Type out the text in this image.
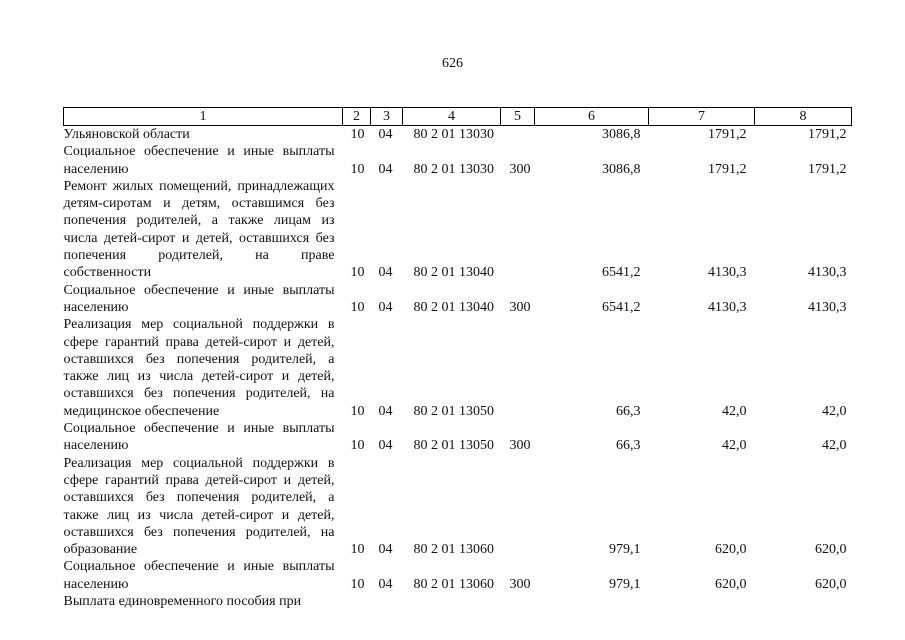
626
1	2	3	4	5	6	7	8
Ульяновской области	10	04	80 2 01 13030		3086,8	1791,2	1791,2
Социальное обеспечение и иные выплаты населению	10	04	80 2 01 13030	300	3086,8	1791,2	1791,2
Ремонт жилых помещений, принадлежащих детям-сиротам и детям, оставшимся без попечения родителей, а также лицам из числа детей-сирот и детей, оставшихся без попечения родителей, на праве собственности	10	04	80 2 01 13040		6541,2	4130,3	4130,3
Социальное обеспечение и иные выплаты населению	10	04	80 2 01 13040	300	6541,2	4130,3	4130,3
Реализация мер социальной поддержки в сфере гарантий права детей-сирот и детей, оставшихся без попечения родителей, а также лиц из числа детей-сирот и детей, оставшихся без попечения родителей, на медицинское обеспечение	10	04	80 2 01 13050		66,3	42,0	42,0
Социальное обеспечение и иные выплаты населению	10	04	80 2 01 13050	300	66,3	42,0	42,0
Реализация мер социальной поддержки в сфере гарантий права детей-сирот и детей, оставшихся без попечения родителей, а также лиц из числа детей-сирот и детей, оставшихся без попечения родителей, на образование	10	04	80 2 01 13060		979,1	620,0	620,0
Социальное обеспечение и иные выплаты населению	10	04	80 2 01 13060	300	979,1	620,0	620,0
Выплата единовременного пособия при							
